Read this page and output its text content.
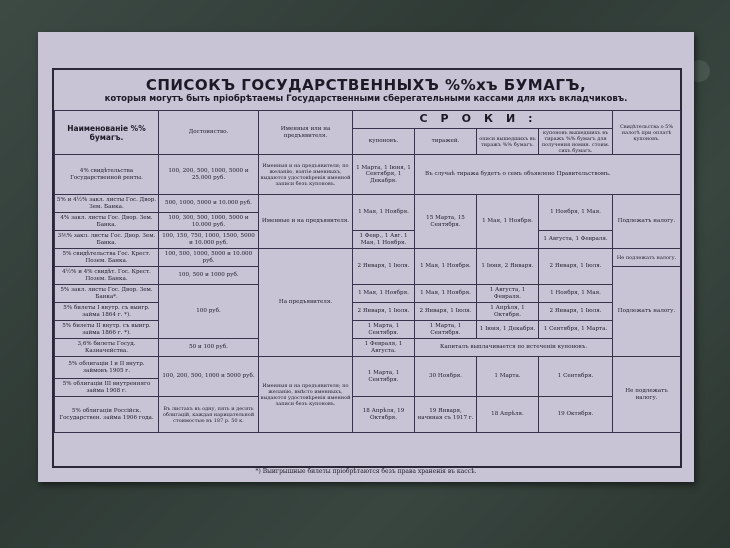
СПИСОКЪ ГОСУДАРСТВЕННЫХЪ %%хъ БУМАГЪ,
которыя могутъ быть пріобрѣтаемы Государственными сберегательными кассами для ихъ вкладчиковъ.
Наименованіе %% бумагъ.	Достоинство.	Именныя или на предъявителя.	СРОКИ:				Свидѣтельства о 5% налогѣ при оплатѣ купоновъ.
			купоновъ.	тиражей.	описи вышедшихъ въ тиражъ %% бумагъ.	купоновъ вышедшихъ въ тиражъ %% бумагъ для получения номин. стоим. сихъ бумагъ.	
4% свидѣтельства Государственной ренты.	100, 200, 500, 1000, 5000 и 25.000 руб.	Именныя и на предъявителя; по желанію, взятіе именныхъ, выдаются удостовѣренія именной записи безъ купоновъ.	1 Марта, 1 Іюня, 1 Сентября, 1 Декабря.	Въ случаѣ тиража будетъ о семъ объявлено Правительствомъ.			
5% и 4½% закл. листы Гос. Двор. Зем. Банка.	500, 1000, 5000 и 10.000 руб.	Именные и на предъявителя.	1 Мая, 1 Ноября.	15 Марта, 15 Сентября.	1 Мая, 1 Ноября.	1 Ноября, 1 Мая.	Подлежатъ налогу.
4% закл. листы Гос. Двор. Зем. Банка.	100, 300, 500, 1000, 5000 и 10.000 руб.						
3⅗% закл. листы Гос. Двор. Зем. Банка.	100, 150, 750, 1000, 1500, 5000 и 10.000 руб.		1 Февр., 1 Авг. 1 Мая, 1 Ноября.			1 Августа, 1 Февраля.	
5% свидѣтельства Гос. Крест. Позем. Банка.	100, 500, 1000, 5000 и 10.000 руб.	На предъявителя.	2 Января, 1 Іюля.	1 Мая, 1 Ноября.	1 Іюня, 2 Января.	2 Января, 1 Іюля.	Не подлежатъ налогу.
4½% и 4% свидѣт. Гос. Крест. Позем. Банка.	100, 500 и 1000 руб.						Подлежатъ налогу.
5% закл. листы Гос. Двор. Зем. Банка*.	100 руб.		1 Мая, 1 Ноября.	1 Мая, 1 Ноября.	1 Августа, 1 Февраля.	1 Ноября, 1 Мая.	
5% билеты I внутр. съ выигр. займа 1864 г. *).			2 Января, 1 Іюля.	2 Января, 1 Іюля.	1 Апрѣля, 1 Октября.	2 Января, 1 Іюля.	
5% билеты II внутр. съ выигр. займа 1866 г. *).			1 Марта, 1 Сентября.	1 Марта, 1 Сентября.	1 Іюня, 1 Декабря.	1 Сентября, 1 Марта.	
3,6% билеты Госуд. Казначейства.	50 и 100 руб.		1 Февраля, 1 Августа.	Капиталъ выплачивается по истеченіи купоновъ.			
5% облигаціи I и II внутр. займовъ 1905 г.	100, 200, 500, 1000 и 5000 руб.	Именныя и на предъявителя; по желанію, вмѣсто именныхъ, выдаются удостовѣренія именной записи безъ купоновъ.	1 Марта, 1 Сентября.	30 Ноября.	1 Марта.	1 Сентября.	Не подлежатъ налогу.
5% облигаціи III внутренняго займа 1908 г.							
5% облигаціи Россійск. Государствен. займа 1906 года.	Въ листахъ въ одну, пять и десять облигацій, каждая нарицательной стоимостью въ 187 р. 50 к.		18 Апрѣля, 19 Октября.	19 Января, начиная съ 1917 г.	18 Апрѣля.	19 Октября.	
*) Выигрышные билеты пріобрѣтаются безъ права храненія въ кассѣ.
